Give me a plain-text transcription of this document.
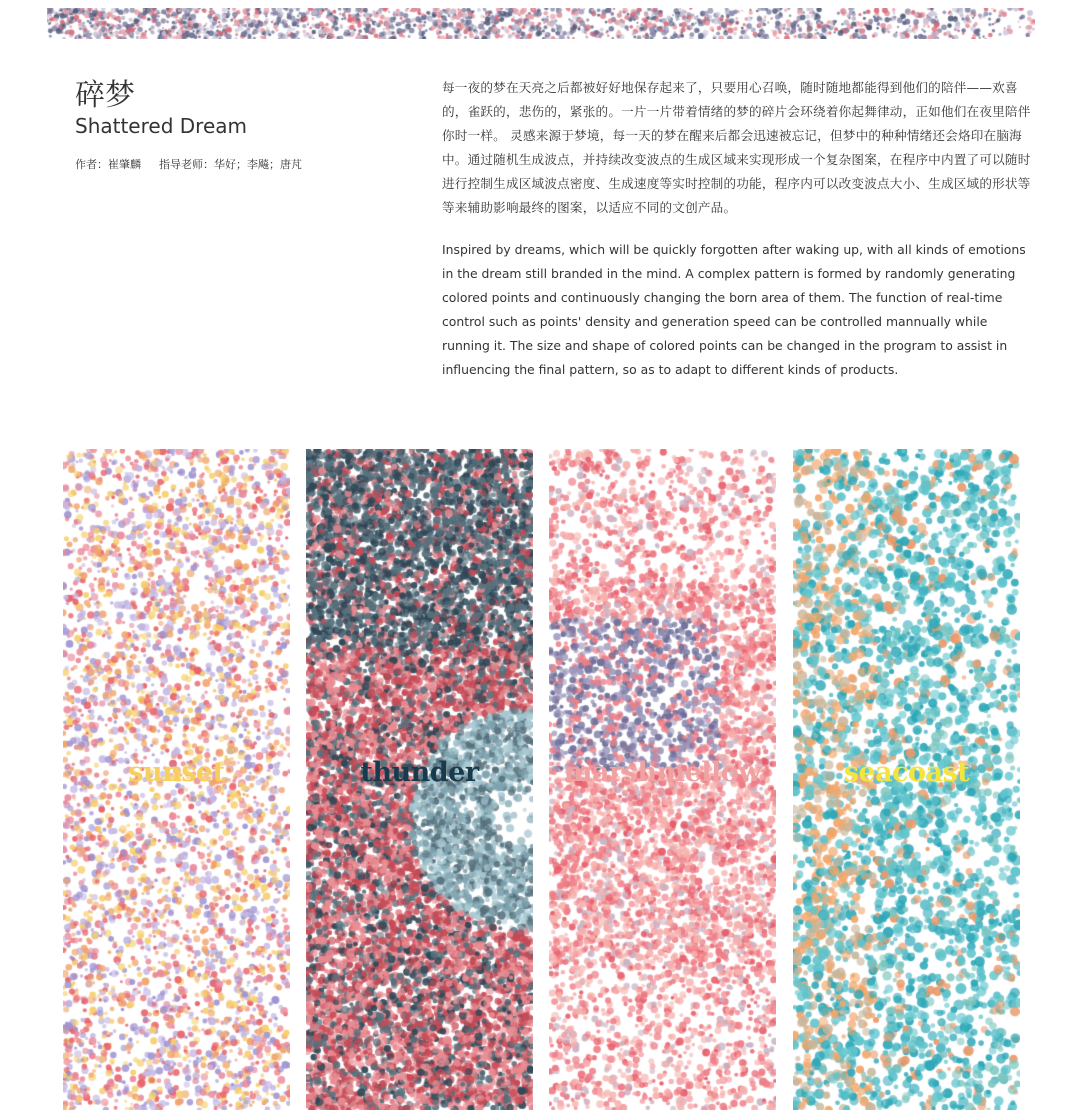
碎梦
Shattered Dream
作者：崔肇麟 指导老师：华好；李飚；唐芃

每一夜的梦在天亮之后都被好好地保存起来了，只要用心召唤，随时随地都能得到他们的陪伴——欢喜的，雀跃的，悲伤的，紧张的。一片一片带着情绪的梦的碎片会环绕着你起舞律动，正如他们在夜里陪伴你时一样。 灵感来源于梦境，每一天的梦在醒来后都会迅速被忘记，但梦中的种种情绪还会烙印在脑海中。通过随机生成波点，并持续改变波点的生成区域来实现形成一个复杂图案，在程序中内置了可以随时进行控制生成区域波点密度、生成速度等实时控制的功能，程序内可以改变波点大小、生成区域的形状等等来辅助影响最终的图案，以适应不同的文创产品。

Inspired by dreams, which will be quickly forgotten after waking up, with all kinds of emotions in the dream still branded in the mind. A complex pattern is formed by randomly generating colored points and continuously changing the born area of them. The function of real-time control such as points' density and generation speed can be controlled mannually while running it. The size and shape of colored points can be changed in the program to assist in influencing the final pattern, so as to adapt to different kinds of products.

sunset	thunder	marshmellow	seacoast
